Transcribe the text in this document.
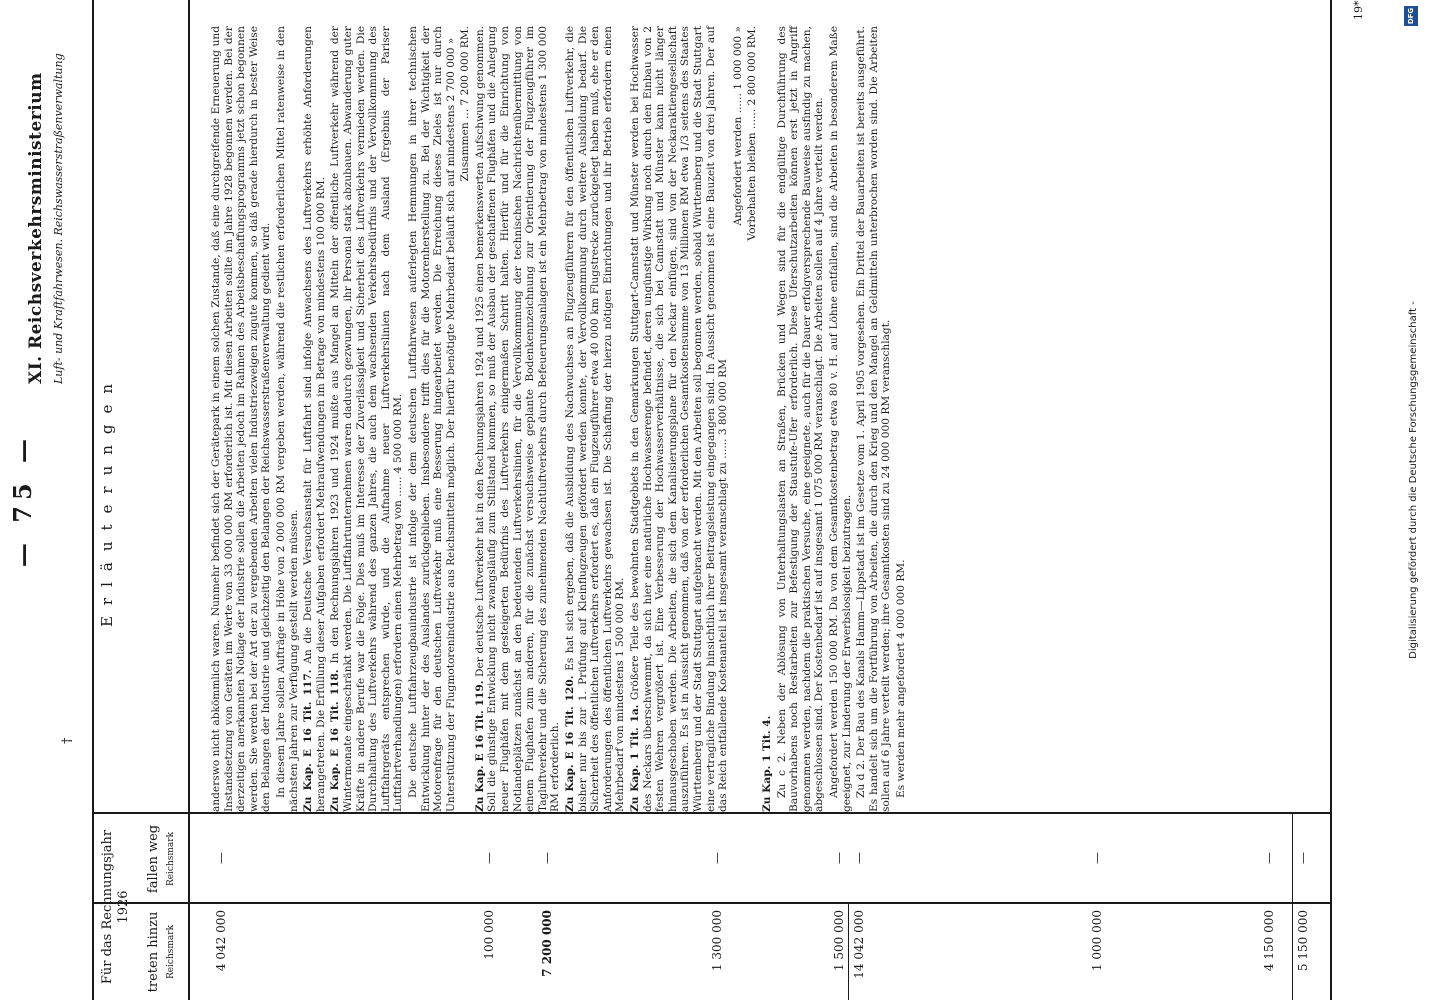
— 75 —
†
XI. Reichsverkehrsministerium Luft- und Kraftfahrwesen. Reichswasserstraßenverwaltung
Erläuterungen
Für das Rechnungsjahr 1926
treten hinzu Reichsmark
fallen weg Reichsmark
4 042 000
—
100 000
—
7 200 000
—
1 300 000
—
1 500 000
—
14 042 000
—
1 000 000
—
4 150 000
—
5 150 000
—

anderswo nicht abkömmlich waren. Nunmehr befindet sich der Gerätepark in einem solchen Zustande, daß eine durchgreifende Erneuerung und Instandsetzung von Geräten im Werte von 33 000 000 RM erforderlich ist. Mit diesen Arbeiten sollte im Jahre 1928 begonnen werden. Bei der derzeitigen anerkannten Notlage der Industrie sollen die Arbeiten jedoch im Rahmen des Arbeitsbeschaffungsprogramms jetzt schon begonnen werden. Sie werden bei der Art der zu vergebenden Arbeiten vielen Industriezweigen zugute kommen, so daß gerade hierdurch in bester Weise den Belangen der Industrie und gleichzeitig den Belangen der Reichswasserstraßenverwaltung gedient wird. In diesem Jahre sollen Aufträge in Höhe von 2 000 000 RM vergeben werden, während die restlichen erforderlichen Mittel ratenweise in den nächsten Jahren zur Verfügung gestellt werden müssen. Zu Kap. E 16 Tit. 117. An die Deutsche Versuchsanstalt für Luftfahrt sind infolge Anwachsens des Luftverkehrs erhöhte Anforderungen herangetreten. Die Erfüllung dieser Aufgaben erfordert Mehraufwendungen im Betrage von mindestens 100 000 RM. Zu Kap. E 16 Tit. 118. In den Rechnungsjahren 1923 und 1924 mußte aus Mangel an Mitteln der öffentliche Luftverkehr während der Wintermonate eingeschränkt werden. Die Luftfahrtunternehmen waren dadurch gezwungen, ihr Personal stark abzubauen. Abwanderung guter Kräfte in andere Berufe war die Folge. Dies muß im Interesse der Zuverlässigkeit und Sicherheit des Luftverkehrs vermieden werden. Die Durchhaltung des Luftverkehrs während des ganzen Jahres, die auch dem wachsenden Verkehrsbedürfnis und der Vervollkommnung des Luftfahrgeräts entsprechen würde, und die Aufnahme neuer Luftverkehrslinien nach dem Ausland (Ergebnis der Pariser Luftfahrtverhandlungen) erfordern einen Mehrbetrag von ...... 4 500 000 RM. Die deutsche Luftfahrzeugbauindustrie ist infolge der dem deutschen Luftfahrwesen auferlegten Hemmungen in ihrer technischen Entwicklung hinter der des Auslandes zurückgeblieben. Insbesondere trifft dies für die Motorenherstellung zu. Bei der Wichtigkeit der Motorenfrage für den deutschen Luftverkehr muß eine Besserung hingearbeitet werden. Die Erreichung dieses Zieles ist nur durch Unterstützung der Flugmotorenindustrie aus Reichsmitteln möglich. Der hierfür benötigte Mehrbedarf beläuft sich auf mindestens 2 700 000 »

Zusammen ... 7 200 000 RM.

Zu Kap. E 16 Tit. 119. Der deutsche Luftverkehr hat in den Rechnungsjahren 1924 und 1925 einen bemerkenswerten Aufschwung genommen. Soll die günstige Entwicklung nicht zwangsläufig zum Stillstand kommen, so muß der Ausbau der geschaffenen Flughäfen und die Anlegung neuer Flughäfen mit dem gesteigerten Bedürfnis des Luftverkehrs einigermaßen Schritt halten. Hierfür und für die Einrichtung von Notlandeplätzen zunächst an den bedeutenden Luftverkehrslinien, für die Vervollkommnung der technischen Nachrichtenübermittlung von einem Flughafen zum anderen, für die zunächst versuchsweise geplante Bodenkennzeichnung zur Orientierung der Flugzeugführer im Tagluftverkehr und die Sicherung des zunehmenden Nachtluftverkehrs durch Befeuerungsanlagen ist ein Mehrbetrag von mindestens 1 300 000 RM erforderlich. Zu Kap. E 16 Tit. 120. Es hat sich ergeben, daß die Ausbildung des Nachwuchses an Flugzeugführern für den öffentlichen Luftverkehr, die bisher nur bis zur 1. Prüfung auf Kleinflugzeugen gefördert werden konnte, der Vervollkommnung durch weitere Ausbildung bedarf. Die Sicherheit des öffentlichen Luftverkehrs erfordert es, daß ein Flugzeugführer etwa 40 000 km Flugstrecke zurückgelegt haben muß, ehe er den Anforderungen des öffentlichen Luftverkehrs gewachsen ist. Die Schaffung der hierzu nötigen Einrichtungen und ihr Betrieb erfordern einen Mehrbedarf von mindestens 1 500 000 RM. Zu Kap. 1 Tit. 1a. Größere Teile des bewohnten Stadtgebiets in den Gemarkungen Stuttgart-Cannstatt und Münster werden bei Hochwasser des Neckars überschwemmt, da sich hier eine natürliche Hochwasserenge befindet, deren ungünstige Wirkung noch durch den Einbau von 2 festen Wehren vergrößert ist. Eine Verbesserung der Hochwasserverhältnisse, die sich bei Cannstatt und Münster kann nicht länger hinausgeschoben werden. Die Arbeiten, die sich dem Kanalisierungsplane für den Neckar einfügen, sind von der Neckaraktiengesellschaft auszuführen. Es ist in Aussicht genommen, daß von der erforderlichen Gesamtkostensumme von 13 Millionen RM etwa 1/3 seitens des Staates Württemberg und der Stadt Stuttgart aufgebracht werden. Mit den Arbeiten soll begonnen werden, sobald Württemberg und die Stadt Stuttgart eine vertragliche Bindung hinsichtlich ihrer Beitragsleistung eingegangen sind. In Aussicht genommen ist eine Bauzeit von drei Jahren. Der auf das Reich entfallende Kostenanteil ist insgesamt veranschlagt zu ...... 3 800 000 RM

Angefordert werden ...... 1 000 000 »
Vorbehalten bleiben ...... 2 800 000 RM.

Zu Kap. 1 Tit. 4. Zu c 2. Neben der Ablösung von Unterhaltungslasten an Straßen, Brücken und Wegen sind für die endgültige Durchführung des Bauvorhabens noch Restarbeiten zur Befestigung der Staustufe-Ufer erforderlich. Diese Uferschutzarbeiten können erst jetzt in Angriff genommen werden, nachdem die praktischen Versuche, eine geeignete, auch für die Dauer erfolgversprechende Bauweise ausfindig zu machen, abgeschlossen sind. Der Kostenbedarf ist auf insgesamt 1 075 000 RM veranschlagt. Die Arbeiten sollen auf 4 Jahre verteilt werden. Angefordert werden 150 000 RM. Da von dem Gesamtkostenbetrag etwa 80 v. H. auf Löhne entfallen, sind die Arbeiten in besonderem Maße geeignet, zur Linderung der Erwerbslosigkeit beizutragen. Zu d 2. Der Bau des Kanals Hamm—Lippstadt ist im Gesetze vom 1. April 1905 vorgesehen. Ein Drittel der Bauarbeiten ist bereits ausgeführt. Es handelt sich um die Fortführung von Arbeiten, die durch den Krieg und den Mangel an Geldmitteln unterbrochen worden sind. Die Arbeiten sollen auf 6 Jahre verteilt werden; ihre Gesamtkosten sind zu 24 000 000 RM veranschlagt. Es werden mehr angefordert 4 000 000 RM.

19*
Digitalisierung gefördert durch die Deutsche Forschungsgemeinschaft -
DFG
